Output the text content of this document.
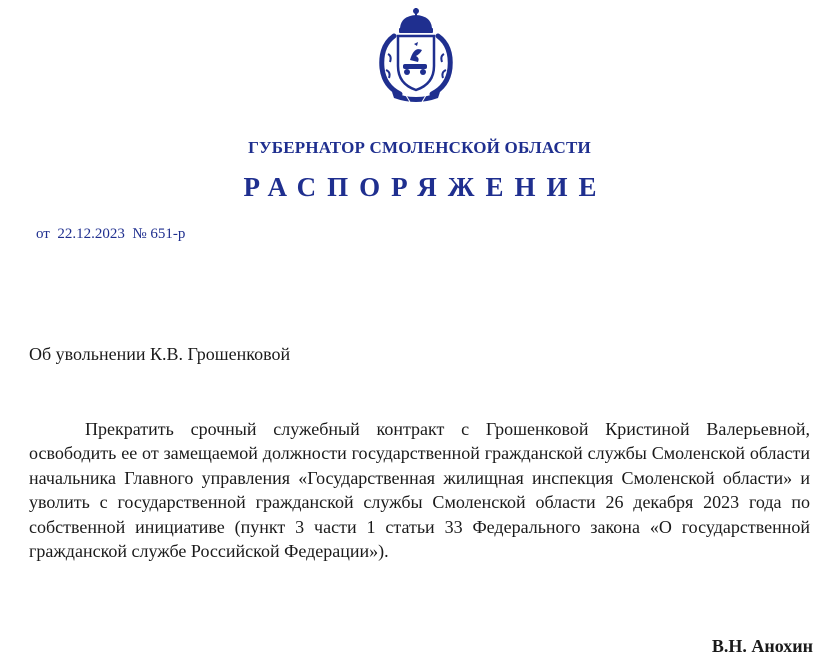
ГУБЕРНАТОР СМОЛЕНСКОЙ ОБЛАСТИ
РАСПОРЯЖЕНИЕ
от 22.12.2023 № 651-р
Об увольнении К.В. Грошенковой
Прекратить срочный служебный контракт с Грошенковой Кристиной Валерьевной, освободить ее от замещаемой должности государственной гражданской службы Смоленской области начальника Главного управления «Государственная жилищная инспекция Смоленской области» и уволить с государственной гражданской службы Смоленской области 26 декабря 2023 года по собственной инициативе (пункт 3 части 1 статьи 33 Федерального закона «О государственной гражданской службе Российской Федерации»).
В.Н. Анохин
